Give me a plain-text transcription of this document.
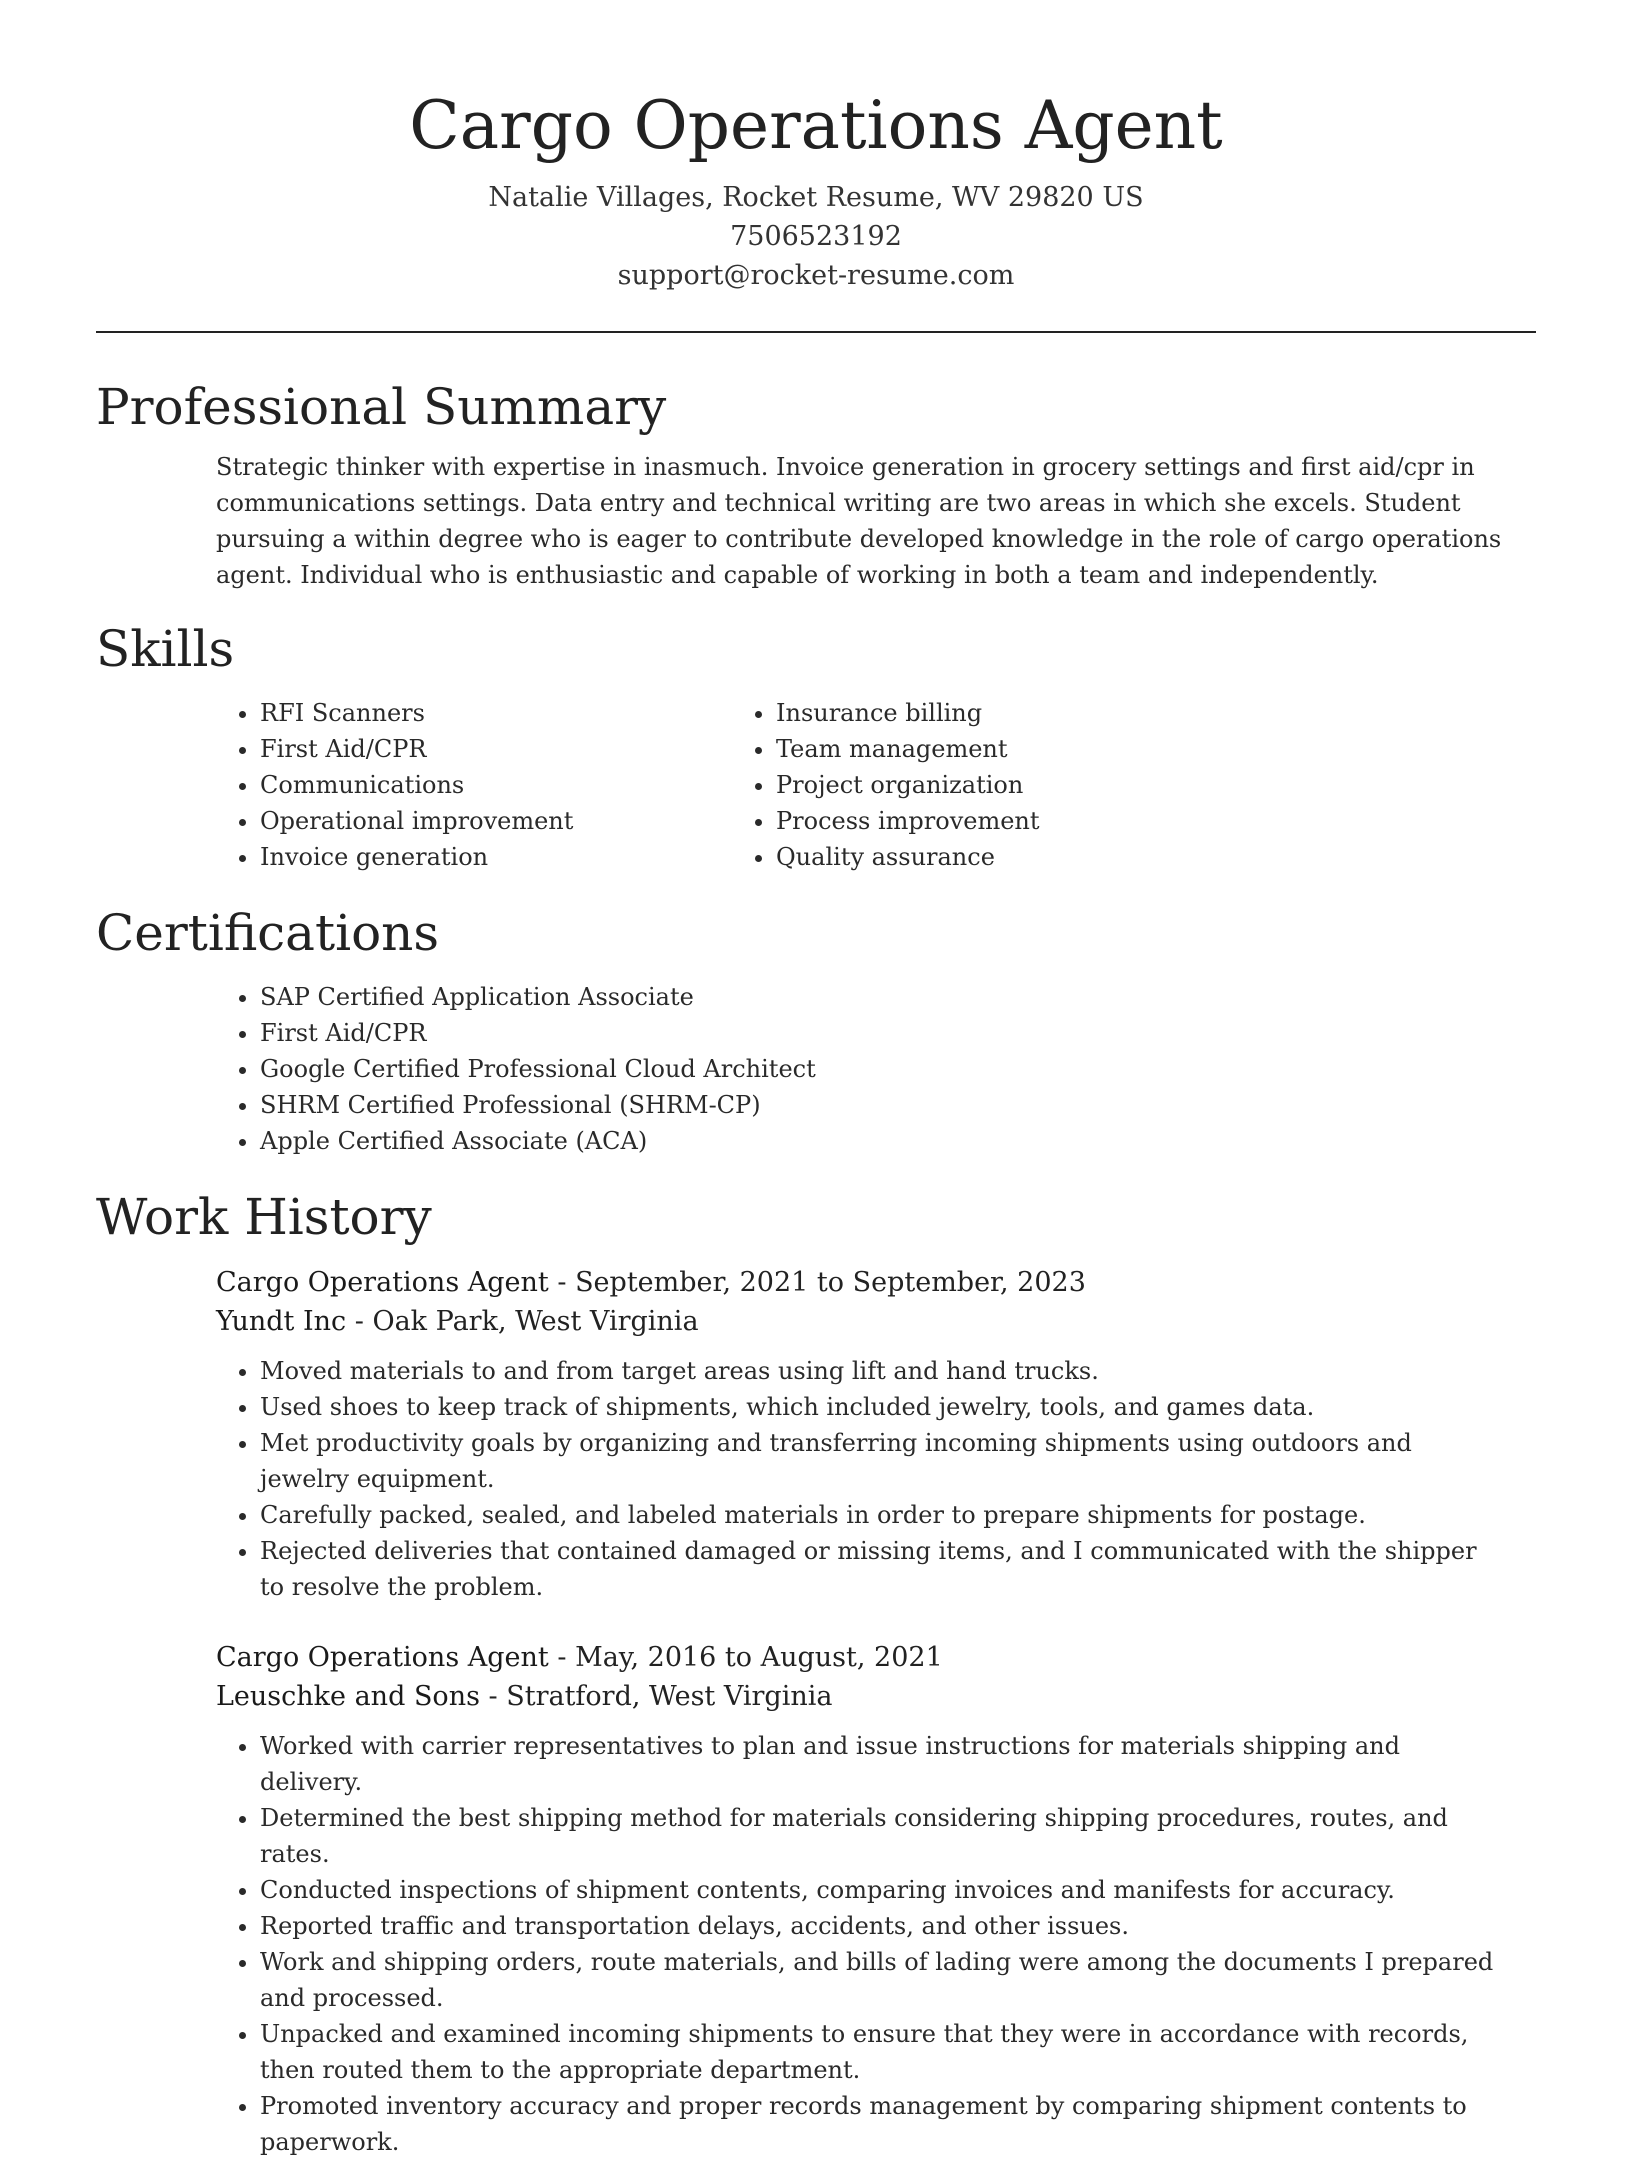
Cargo Operations Agent
Natalie Villages, Rocket Resume, WV 29820 US
7506523192
support@rocket-resume.com
Professional Summary
Strategic thinker with expertise in inasmuch. Invoice generation in grocery settings and first aid/cpr in communications settings. Data entry and technical writing are two areas in which she excels. Student pursuing a within degree who is eager to contribute developed knowledge in the role of cargo operations agent. Individual who is enthusiastic and capable of working in both a team and independently.
Skills
• RFI Scanners
• First Aid/CPR
• Communications
• Operational improvement
• Invoice generation
• Insurance billing
• Team management
• Project organization
• Process improvement
• Quality assurance
Certifications
• SAP Certified Application Associate
• First Aid/CPR
• Google Certified Professional Cloud Architect
• SHRM Certified Professional (SHRM-CP)
• Apple Certified Associate (ACA)
Work History
Cargo Operations Agent - September, 2021 to September, 2023
Yundt Inc - Oak Park, West Virginia
• Moved materials to and from target areas using lift and hand trucks.
• Used shoes to keep track of shipments, which included jewelry, tools, and games data.
• Met productivity goals by organizing and transferring incoming shipments using outdoors and jewelry equipment.
• Carefully packed, sealed, and labeled materials in order to prepare shipments for postage.
• Rejected deliveries that contained damaged or missing items, and I communicated with the shipper to resolve the problem.
Cargo Operations Agent - May, 2016 to August, 2021
Leuschke and Sons - Stratford, West Virginia
• Worked with carrier representatives to plan and issue instructions for materials shipping and delivery.
• Determined the best shipping method for materials considering shipping procedures, routes, and rates.
• Conducted inspections of shipment contents, comparing invoices and manifests for accuracy.
• Reported traffic and transportation delays, accidents, and other issues.
• Work and shipping orders, route materials, and bills of lading were among the documents I prepared and processed.
• Unpacked and examined incoming shipments to ensure that they were in accordance with records, then routed them to the appropriate department.
• Promoted inventory accuracy and proper records management by comparing shipment contents to paperwork.
